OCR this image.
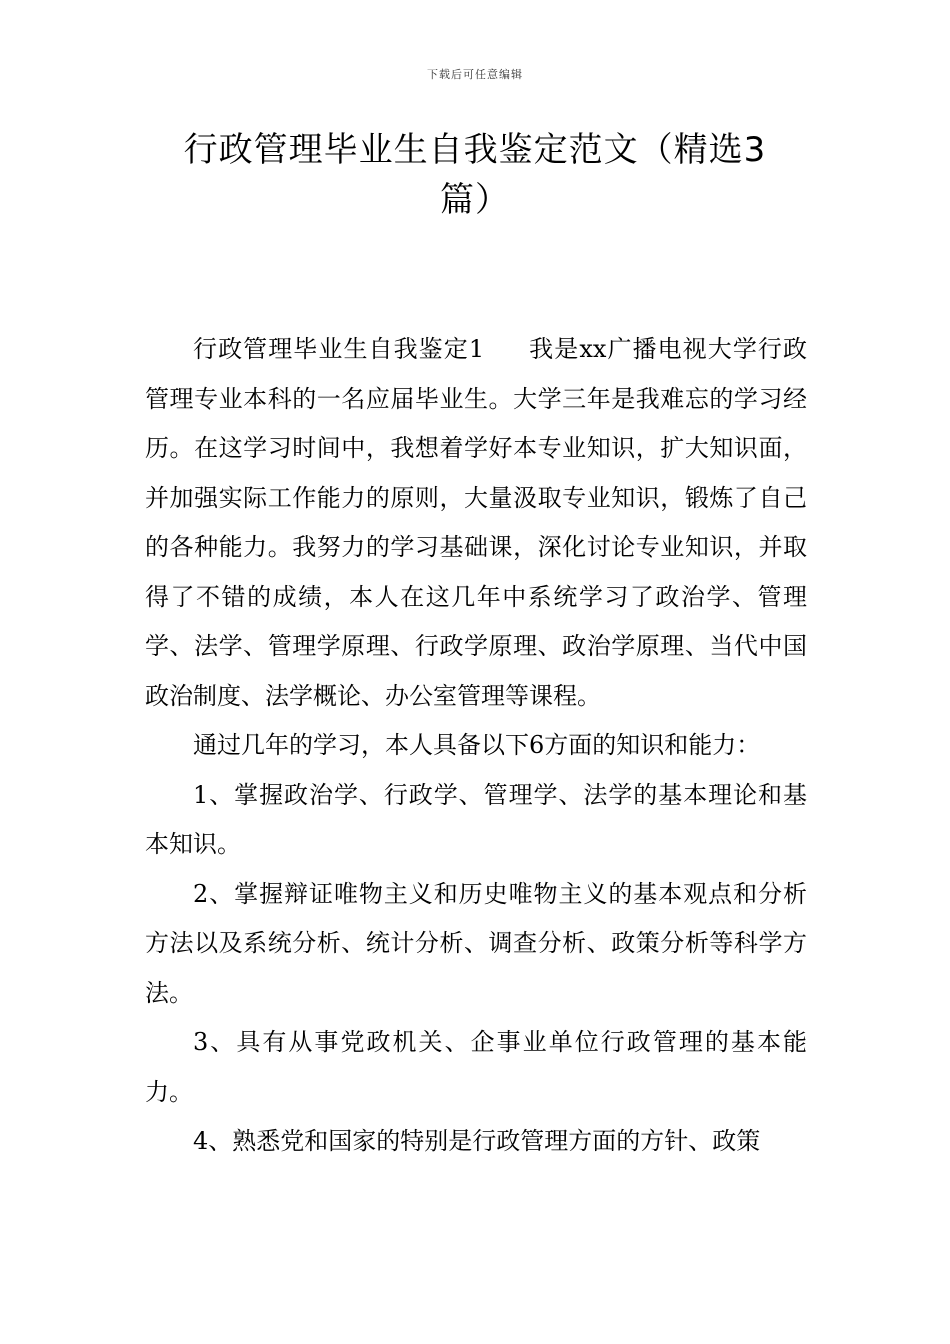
下载后可任意编辑
行政管理毕业生自我鉴定范文（精选3篇）

行政管理毕业生自我鉴定1 我是xx广播电视大学行政管理专业本科的一名应届毕业生。大学三年是我难忘的学习经历。在这学习时间中，我想着学好本专业知识，扩大知识面，并加强实际工作能力的原则，大量汲取专业知识，锻炼了自己的各种能力。我努力的学习基础课，深化讨论专业知识，并取得了不错的成绩，本人在这几年中系统学习了政治学、管理学、法学、管理学原理、行政学原理、政治学原理、当代中国政治制度、法学概论、办公室管理等课程。

通过几年的学习，本人具备以下6方面的知识和能力：

1、掌握政治学、行政学、管理学、法学的基本理论和基本知识。

2、掌握辩证唯物主义和历史唯物主义的基本观点和分析方法以及系统分析、统计分析、调查分析、政策分析等科学方法。

3、具有从事党政机关、企事业单位行政管理的基本能力。

4、熟悉党和国家的特别是行政管理方面的方针、政策
